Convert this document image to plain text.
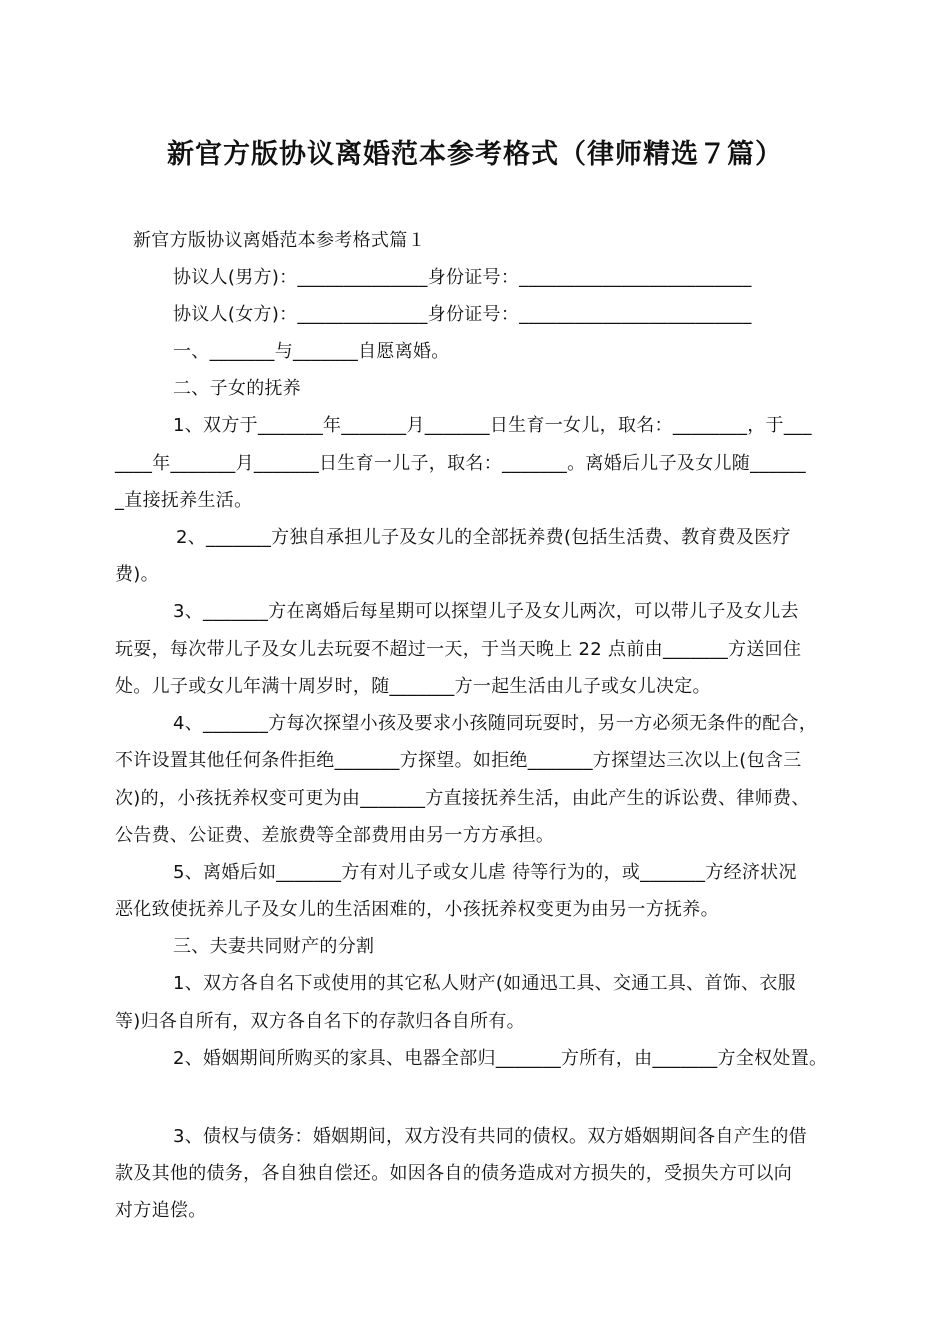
新官方版协议离婚范本参考格式（律师精选７篇）
新官方版协议离婚范本参考格式篇１
协议人(男方)：______________身份证号：_________________________
协议人(女方)：______________身份证号：_________________________
一、_______与_______自愿离婚。
二、子女的抚养
1、双方于_______年_______月_______日生育一女儿，取名：________，于___
____年_______月_______日生育一儿子，取名：_______。离婚后儿子及女儿随______
_直接抚养生活。
2、_______方独自承担儿子及女儿的全部抚养费(包括生活费、教育费及医疗
费)。
3、_______方在离婚后每星期可以探望儿子及女儿两次，可以带儿子及女儿去
玩耍，每次带儿子及女儿去玩耍不超过一天，于当天晚上 22 点前由_______方送回住
处。儿子或女儿年满十周岁时，随_______方一起生活由儿子或女儿决定。
4、_______方每次探望小孩及要求小孩随同玩耍时，另一方必须无条件的配合，
不许设置其他任何条件拒绝_______方探望。如拒绝_______方探望达三次以上(包含三
次)的，小孩抚养权变可更为由_______方直接抚养生活，由此产生的诉讼费、律师费、
公告费、公证费、差旅费等全部费用由另一方方承担。
5、离婚后如_______方有对儿子或女儿虐 待等行为的，或_______方经济状况
恶化致使抚养儿子及女儿的生活困难的，小孩抚养权变更为由另一方抚养。
三、夫妻共同财产的分割
1、双方各自名下或使用的其它私人财产(如通迅工具、交通工具、首饰、衣服
等)归各自所有，双方各自名下的存款归各自所有。
2、婚姻期间所购买的家具、电器全部归_______方所有，由_______方全权处置。
3、债权与债务：婚姻期间，双方没有共同的债权。双方婚姻期间各自产生的借
款及其他的债务，各自独自偿还。如因各自的债务造成对方损失的，受损失方可以向
对方追偿。
